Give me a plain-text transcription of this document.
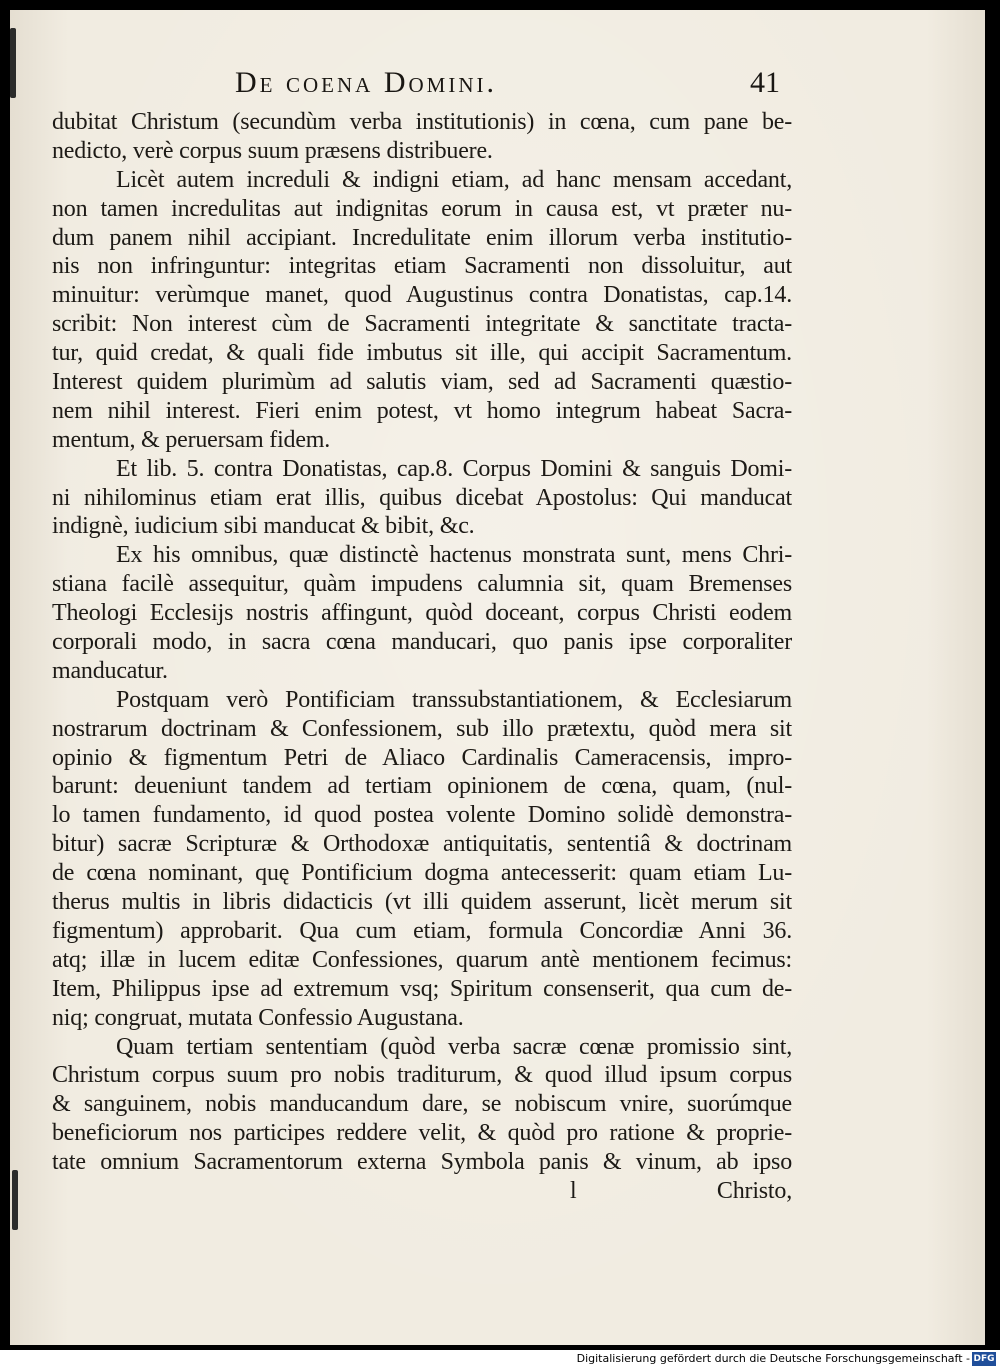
De coena Domini.	41
dubitat Christum (secundùm verba institutionis) in cœna, cum pane be-
nedicto, verè corpus suum præsens distribuere.
Licèt autem increduli & indigni etiam, ad hanc mensam accedant,
non tamen incredulitas aut indignitas eorum in causa est, vt præter nu-
dum panem nihil accipiant. Incredulitate enim illorum verba institutio-
nis non infringuntur: integritas etiam Sacramenti non dissoluitur, aut
minuitur: verùmque manet, quod Augustinus contra Donatistas, cap.14.
scribit: Non interest cùm de Sacramenti integritate & sanctitate tracta-
tur, quid credat, & quali fide imbutus sit ille, qui accipit Sacramentum.
Interest quidem plurimùm ad salutis viam, sed ad Sacramenti quæstio-
nem nihil interest. Fieri enim potest, vt homo integrum habeat Sacra-
mentum, & peruersam fidem.
Et lib. 5. contra Donatistas, cap.8. Corpus Domini & sanguis Domi-
ni nihilominus etiam erat illis, quibus dicebat Apostolus: Qui manducat
indignè, iudicium sibi manducat & bibit, &c.
Ex his omnibus, quæ distinctè hactenus monstrata sunt, mens Chri-
stiana facilè assequitur, quàm impudens calumnia sit, quam Bremenses
Theologi Ecclesijs nostris affingunt, quòd doceant, corpus Christi eodem
corporali modo, in sacra cœna manducari, quo panis ipse corporaliter
manducatur.
Postquam verò Pontificiam transsubstantiationem, & Ecclesiarum
nostrarum doctrinam & Confessionem, sub illo prætextu, quòd mera sit
opinio & figmentum Petri de Aliaco Cardinalis Cameracensis, impro-
barunt: deueniunt tandem ad tertiam opinionem de cœna, quam, (nul-
lo tamen fundamento, id quod postea volente Domino solidè demonstra-
bitur) sacræ Scripturæ & Orthodoxæ antiquitatis, sententiâ & doctrinam
de cœna nominant, quę Pontificium dogma antecesserit: quam etiam Lu-
therus multis in libris didacticis (vt illi quidem asserunt, licèt merum sit
figmentum) approbarit. Qua cum etiam, formula Concordiæ Anni 36.
atq; illæ in lucem editæ Confessiones, quarum antè mentionem fecimus:
Item, Philippus ipse ad extremum vsq; Spiritum consenserit, qua cum de-
niq; congruat, mutata Confessio Augustana.
Quam tertiam sententiam (quòd verba sacræ cœnæ promissio sint,
Christum corpus suum pro nobis traditurum, & quod illud ipsum corpus
& sanguinem, nobis manducandum dare, se nobiscum vnire, suorúmque
beneficiorum nos participes reddere velit, & quòd pro ratione & proprie-
tate omnium Sacramentorum externa Symbola panis & vinum, ab ipso
l	Christo,
Digitalisierung gefördert durch die Deutsche Forschungsgemeinschaft - DFG
